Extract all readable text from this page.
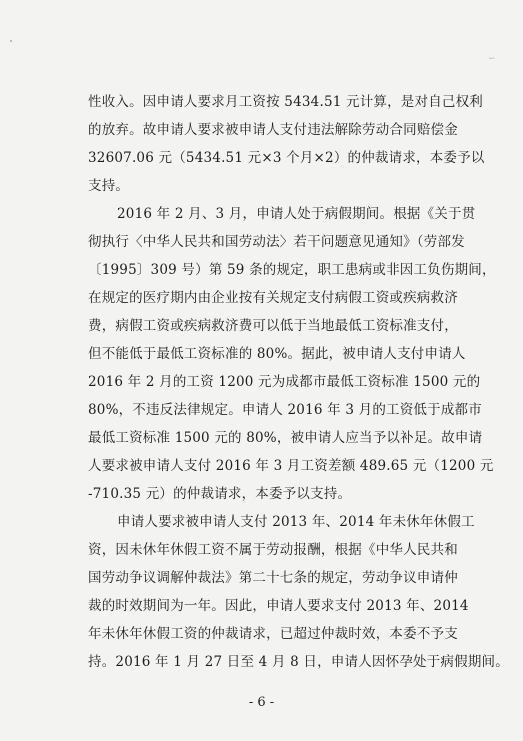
∽
性收入。因申请人要求月工资按 5434.51 元计算，是对自己权利
的放弃。故申请人要求被申请人支付违法解除劳动合同赔偿金
32607.06 元（5434.51 元×3 个月×2）的仲裁请求，本委予以
支持。
2016 年 2 月、3 月，申请人处于病假期间。根据《关于贯
彻执行〈中华人民共和国劳动法〉若干问题意见通知》（劳部发
〔1995〕309 号）第 59 条的规定，职工患病或非因工负伤期间，
在规定的医疗期内由企业按有关规定支付病假工资或疾病救济
费，病假工资或疾病救济费可以低于当地最低工资标准支付，
但不能低于最低工资标准的 80%。据此，被申请人支付申请人
2016 年 2 月的工资 1200 元为成都市最低工资标准 1500 元的
80%，不违反法律规定。申请人 2016 年 3 月的工资低于成都市
最低工资标准 1500 元的 80%，被申请人应当予以补足。故申请
人要求被申请人支付 2016 年 3 月工资差额 489.65 元（1200 元
-710.35 元）的仲裁请求，本委予以支持。
申请人要求被申请人支付 2013 年、2014 年未休年休假工
资，因未休年休假工资不属于劳动报酬，根据《中华人民共和
国劳动争议调解仲裁法》第二十七条的规定，劳动争议申请仲
裁的时效期间为一年。因此，申请人要求支付 2013 年、2014
年未休年休假工资的仲裁请求，已超过仲裁时效，本委不予支
持。2016 年 1 月 27 日至 4 月 8 日，申请人因怀孕处于病假期间。
- 6 -
